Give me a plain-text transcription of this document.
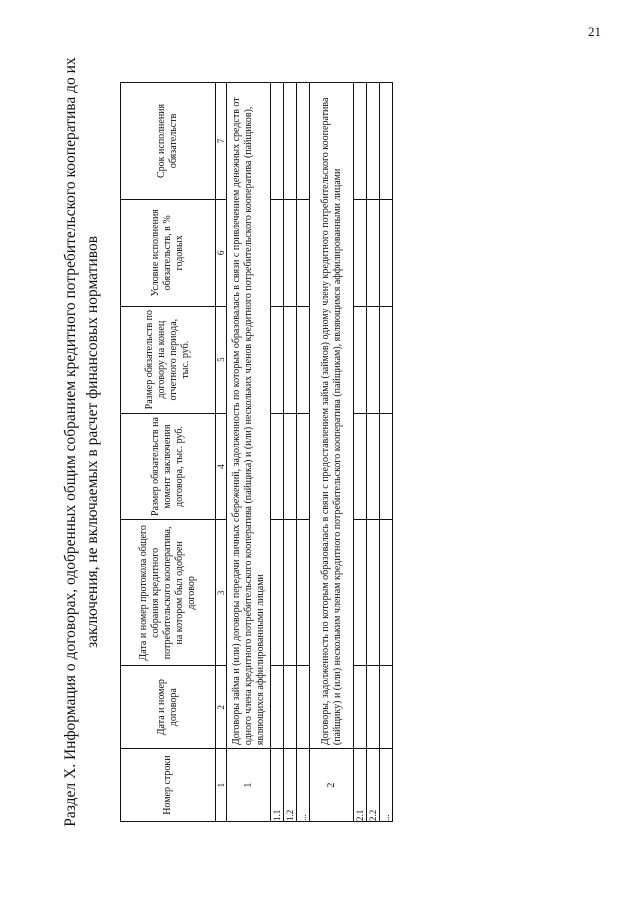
21
Раздел X. Информация о договорах, одобренных общим собранием кредитного потребительского кооператива до их заключения, не включаемых в расчет финансовых нормативов
Номер строки	Дата и номер договора	Дата и номер протокола общего собрания кредитного потребительского кооператива, на котором был одобрен договор	Размер обязательств на момент заключения договора, тыс. руб.	Размер обязательств по договору на конец отчетного периода, тыс. руб.	Условие исполнения обязательств, в % годовых	Срок исполнения обязательств
1	2	3	4	5	6	7
1	Договоры займа и (или) договоры передачи личных сбережений, задолженность по которым образовалась в связи с привлечением денежных средств от одного члена кредитного потребительского кооператива (пайщика) и (или) нескольких членов кредитного потребительского кооператива (пайщиков), являющихся аффилированными лицами					
1.1						
1.2						
...						
2	Договоры, задолженность по которым образовалась в связи с предоставлением займа (займов) одному члену кредитного потребительского кооператива (пайщику) и (или) нескольким членам кредитного потребительского кооператива (пайщикам), являющимся аффилированными лицами					
2.1						
2.2						
...						
